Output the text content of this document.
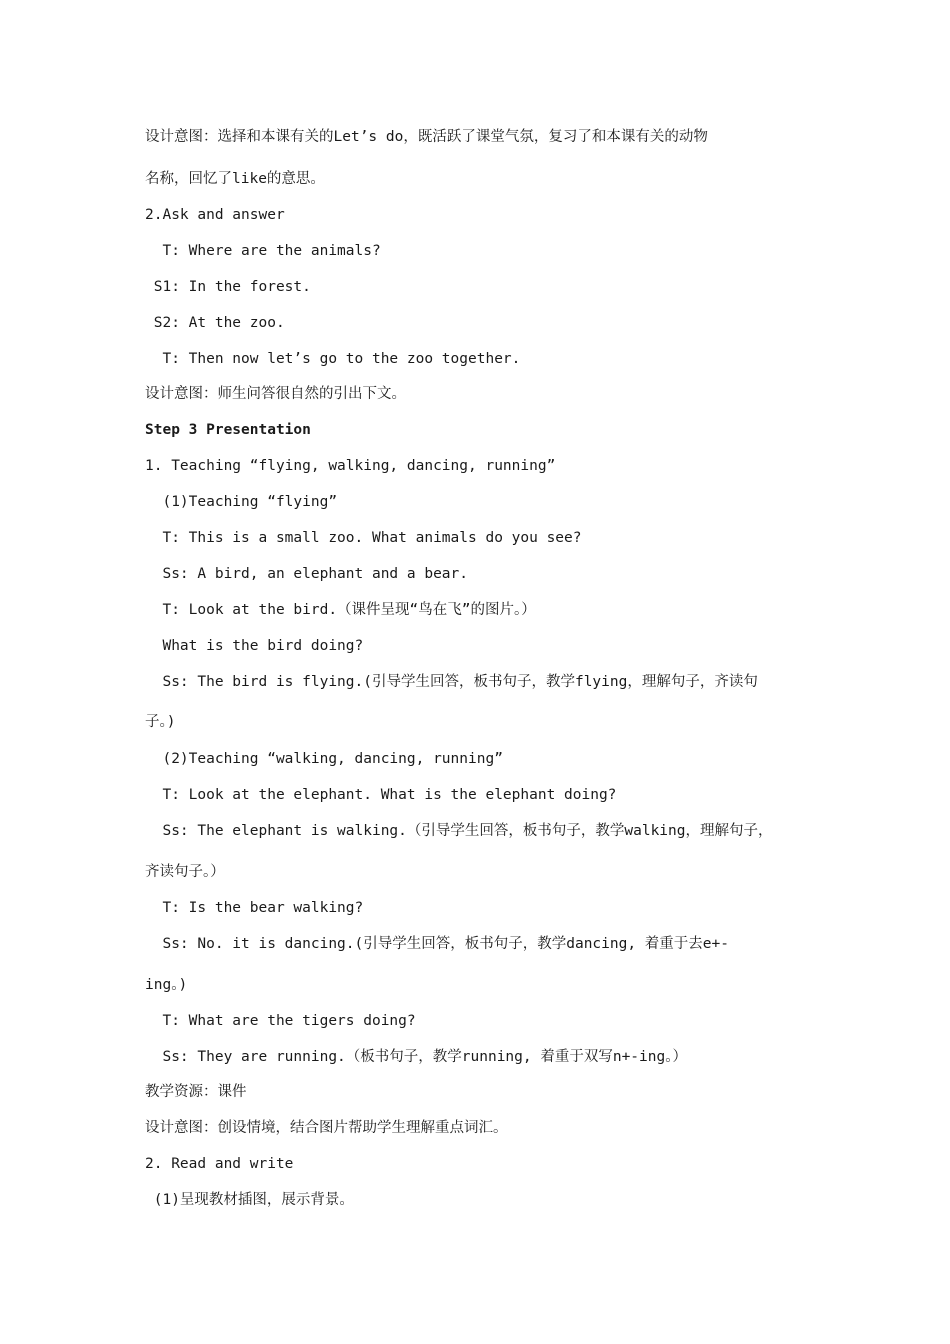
设计意图：选择和本课有关的Let’s do，既活跃了课堂气氛，复习了和本课有关的动物
名称，回忆了like的意思。
2.Ask and answer
T: Where are the animals?
S1: In the forest.
S2: At the zoo.
T: Then now let’s go to the zoo together.
设计意图：师生问答很自然的引出下文。
Step 3 Presentation
1. Teaching “flying, walking, dancing, running”
(1)Teaching “flying”
T: This is a small zoo. What animals do you see?
Ss: A bird, an elephant and a bear.
T: Look at the bird.（课件呈现“鸟在飞”的图片。）
What is the bird doing?
Ss: The bird is flying.(引导学生回答，板书句子，教学flying，理解句子，齐读句
子。)
(2)Teaching “walking, dancing, running”
T: Look at the elephant. What is the elephant doing?
Ss: The elephant is walking.（引导学生回答，板书句子，教学walking，理解句子，
齐读句子。）
T: Is the bear walking?
Ss: No. it is dancing.(引导学生回答，板书句子，教学dancing, 着重于去e+-
ing。)
T: What are the tigers doing?
Ss: They are running.（板书句子，教学running, 着重于双写n+-ing。）
教学资源：课件
设计意图：创设情境，结合图片帮助学生理解重点词汇。
2. Read and write
(1)呈现教材插图，展示背景。
